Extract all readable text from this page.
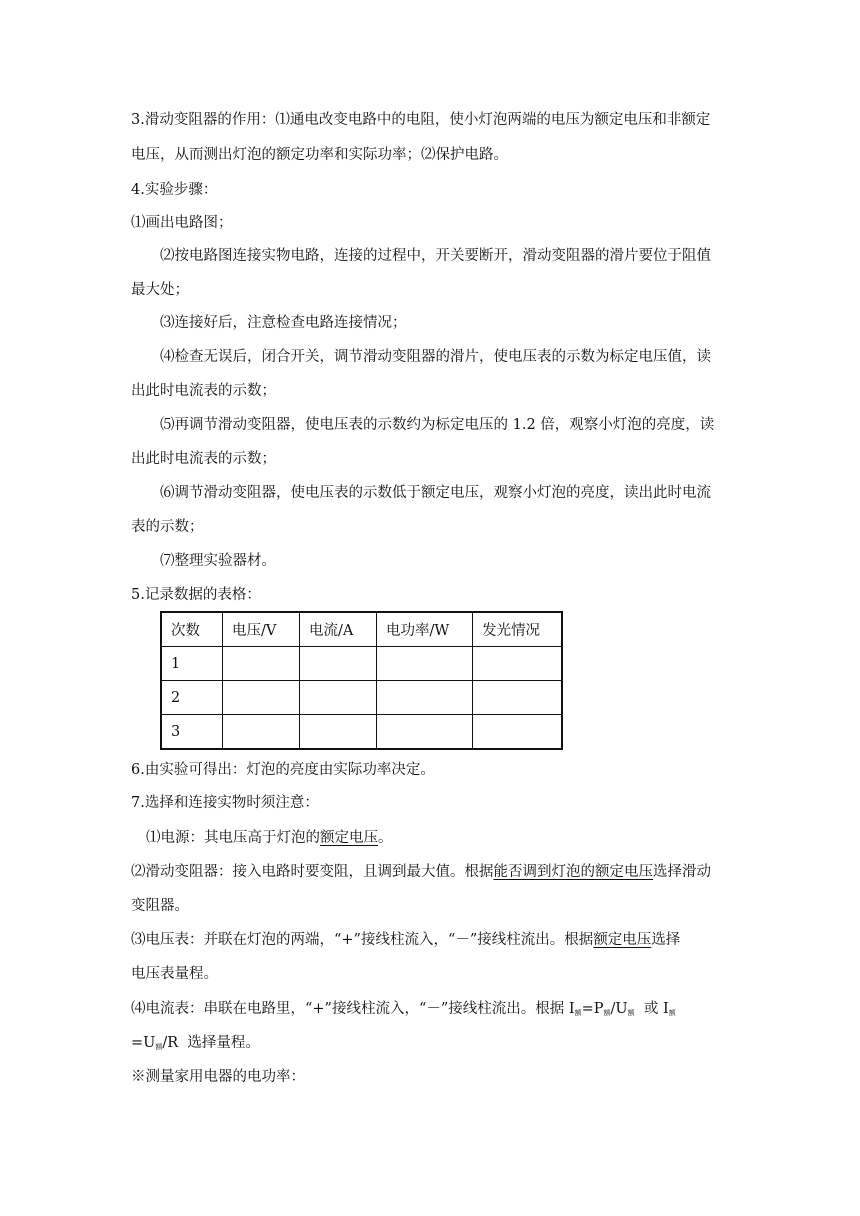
3.滑动变阻器的作用：⑴通电改变电路中的电阻，使小灯泡两端的电压为额定电压和非额定
电压，从而测出灯泡的额定功率和实际功率；⑵保护电路。
4.实验步骤：
⑴画出电路图；
⑵按电路图连接实物电路，连接的过程中，开关要断开，滑动变阻器的滑片要位于阻值
最大处；
⑶连接好后，注意检查电路连接情况；
⑷检查无误后，闭合开关，调节滑动变阻器的滑片，使电压表的示数为标定电压值，读
出此时电流表的示数；
⑸再调节滑动变阻器，使电压表的示数约为标定电压的 1.2 倍，观察小灯泡的亮度，读
出此时电流表的示数；
⑹调节滑动变阻器，使电压表的示数低于额定电压，观察小灯泡的亮度，读出此时电流
表的示数；
⑺整理实验器材。
5.记录数据的表格：
次数	电压/V	电流/A	电功率/W	发光情况
1				
2				
3				
6.由实验可得出：灯泡的亮度由实际功率决定。
7.选择和连接实物时须注意：
⑴电源：其电压高于灯泡的额定电压。
⑵滑动变阻器：接入电路时要变阻，且调到最大值。根据能否调到灯泡的额定电压选择滑动
变阻器。
⑶电压表：并联在灯泡的两端，“+”接线柱流入，“－”接线柱流出。根据额定电压选择
电压表量程。
⑷电流表：串联在电路里，“+”接线柱流入，“－”接线柱流出。根据 $I_额=P_额/U_额$  或 $I_额$
$=U_额/R$  选择量程。
※测量家用电器的电功率：
